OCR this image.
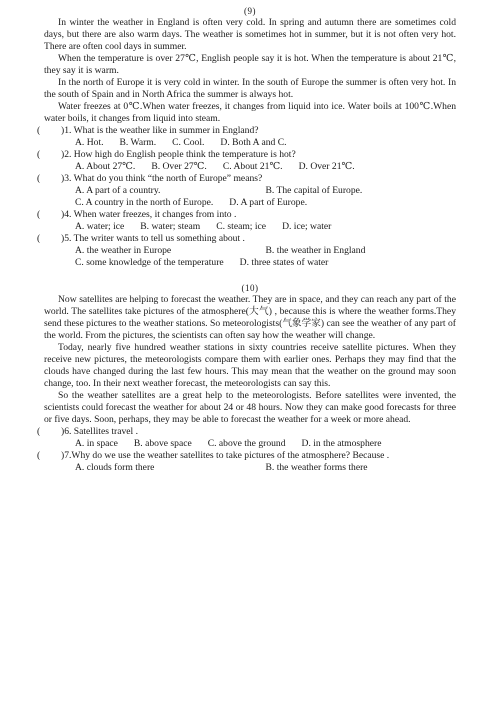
(9)

In winter the weather in England is often very cold. In spring and autumn there are sometimes cold days, but there are also warm days. The weather is sometimes hot in summer, but it is not often very hot. There are often cool days in summer.

When the temperature is over 27℃, English people say it is hot. When the temperature is about 21℃, they say it is warm.

In the north of Europe it is very cold in winter. In the south of Europe the summer is often very hot. In the south of Spain and in North Africa the summer is always hot.

Water freezes at 0℃.When water freezes, it changes from liquid into ice. Water boils at 100℃.When water boils, it changes from liquid into steam.

( )1. What is the weather like in summer in England?

A. Hot. B. Warm. C. Cool. D. Both A and C.

( )2. How high do English people think the temperature is hot?

A. About 27℃. B. Over 27℃. C. About 21℃. D. Over 21℃.

( )3. What do you think “the north of Europe” means?

A. A part of a country.	B. The capital of Europe.
C. A country in the north of Europe. D. A part of Europe.

( )4. When water freezes, it changes from into .

A. water; ice B. water; steam C. steam; ice D. ice; water

( )5. The writer wants to tell us something about .

A. the weather in Europe	B. the weather in England
C. some knowledge of the temperature D. three states of water
(10)

Now satellites are helping to forecast the weather. They are in space, and they can reach any part of the world. The satellites take pictures of the atmosphere(大气) , because this is where the weather forms.They send these pictures to the weather stations. So meteorologists(气象学家) can see the weather of any part of the world. From the pictures, the scientists can often say how the weather will change.

Today, nearly five hundred weather stations in sixty countries receive satellite pictures. When they receive new pictures, the meteorologists compare them with earlier ones. Perhaps they may find that the clouds have changed during the last few hours. This may mean that the weather on the ground may soon change, too. In their next weather forecast, the meteorologists can say this.

So the weather satellites are a great help to the meteorologists. Before satellites were invented, the scientists could forecast the weather for about 24 or 48 hours. Now they can make good forecasts for three or five days. Soon, perhaps, they may be able to forecast the weather for a week or more ahead.

( )6. Satellites travel .

A. in space B. above space C. above the ground D. in the atmosphere

( )7.Why do we use the weather satellites to take pictures of the atmosphere? Because .

A. clouds form there	B. the weather forms there
